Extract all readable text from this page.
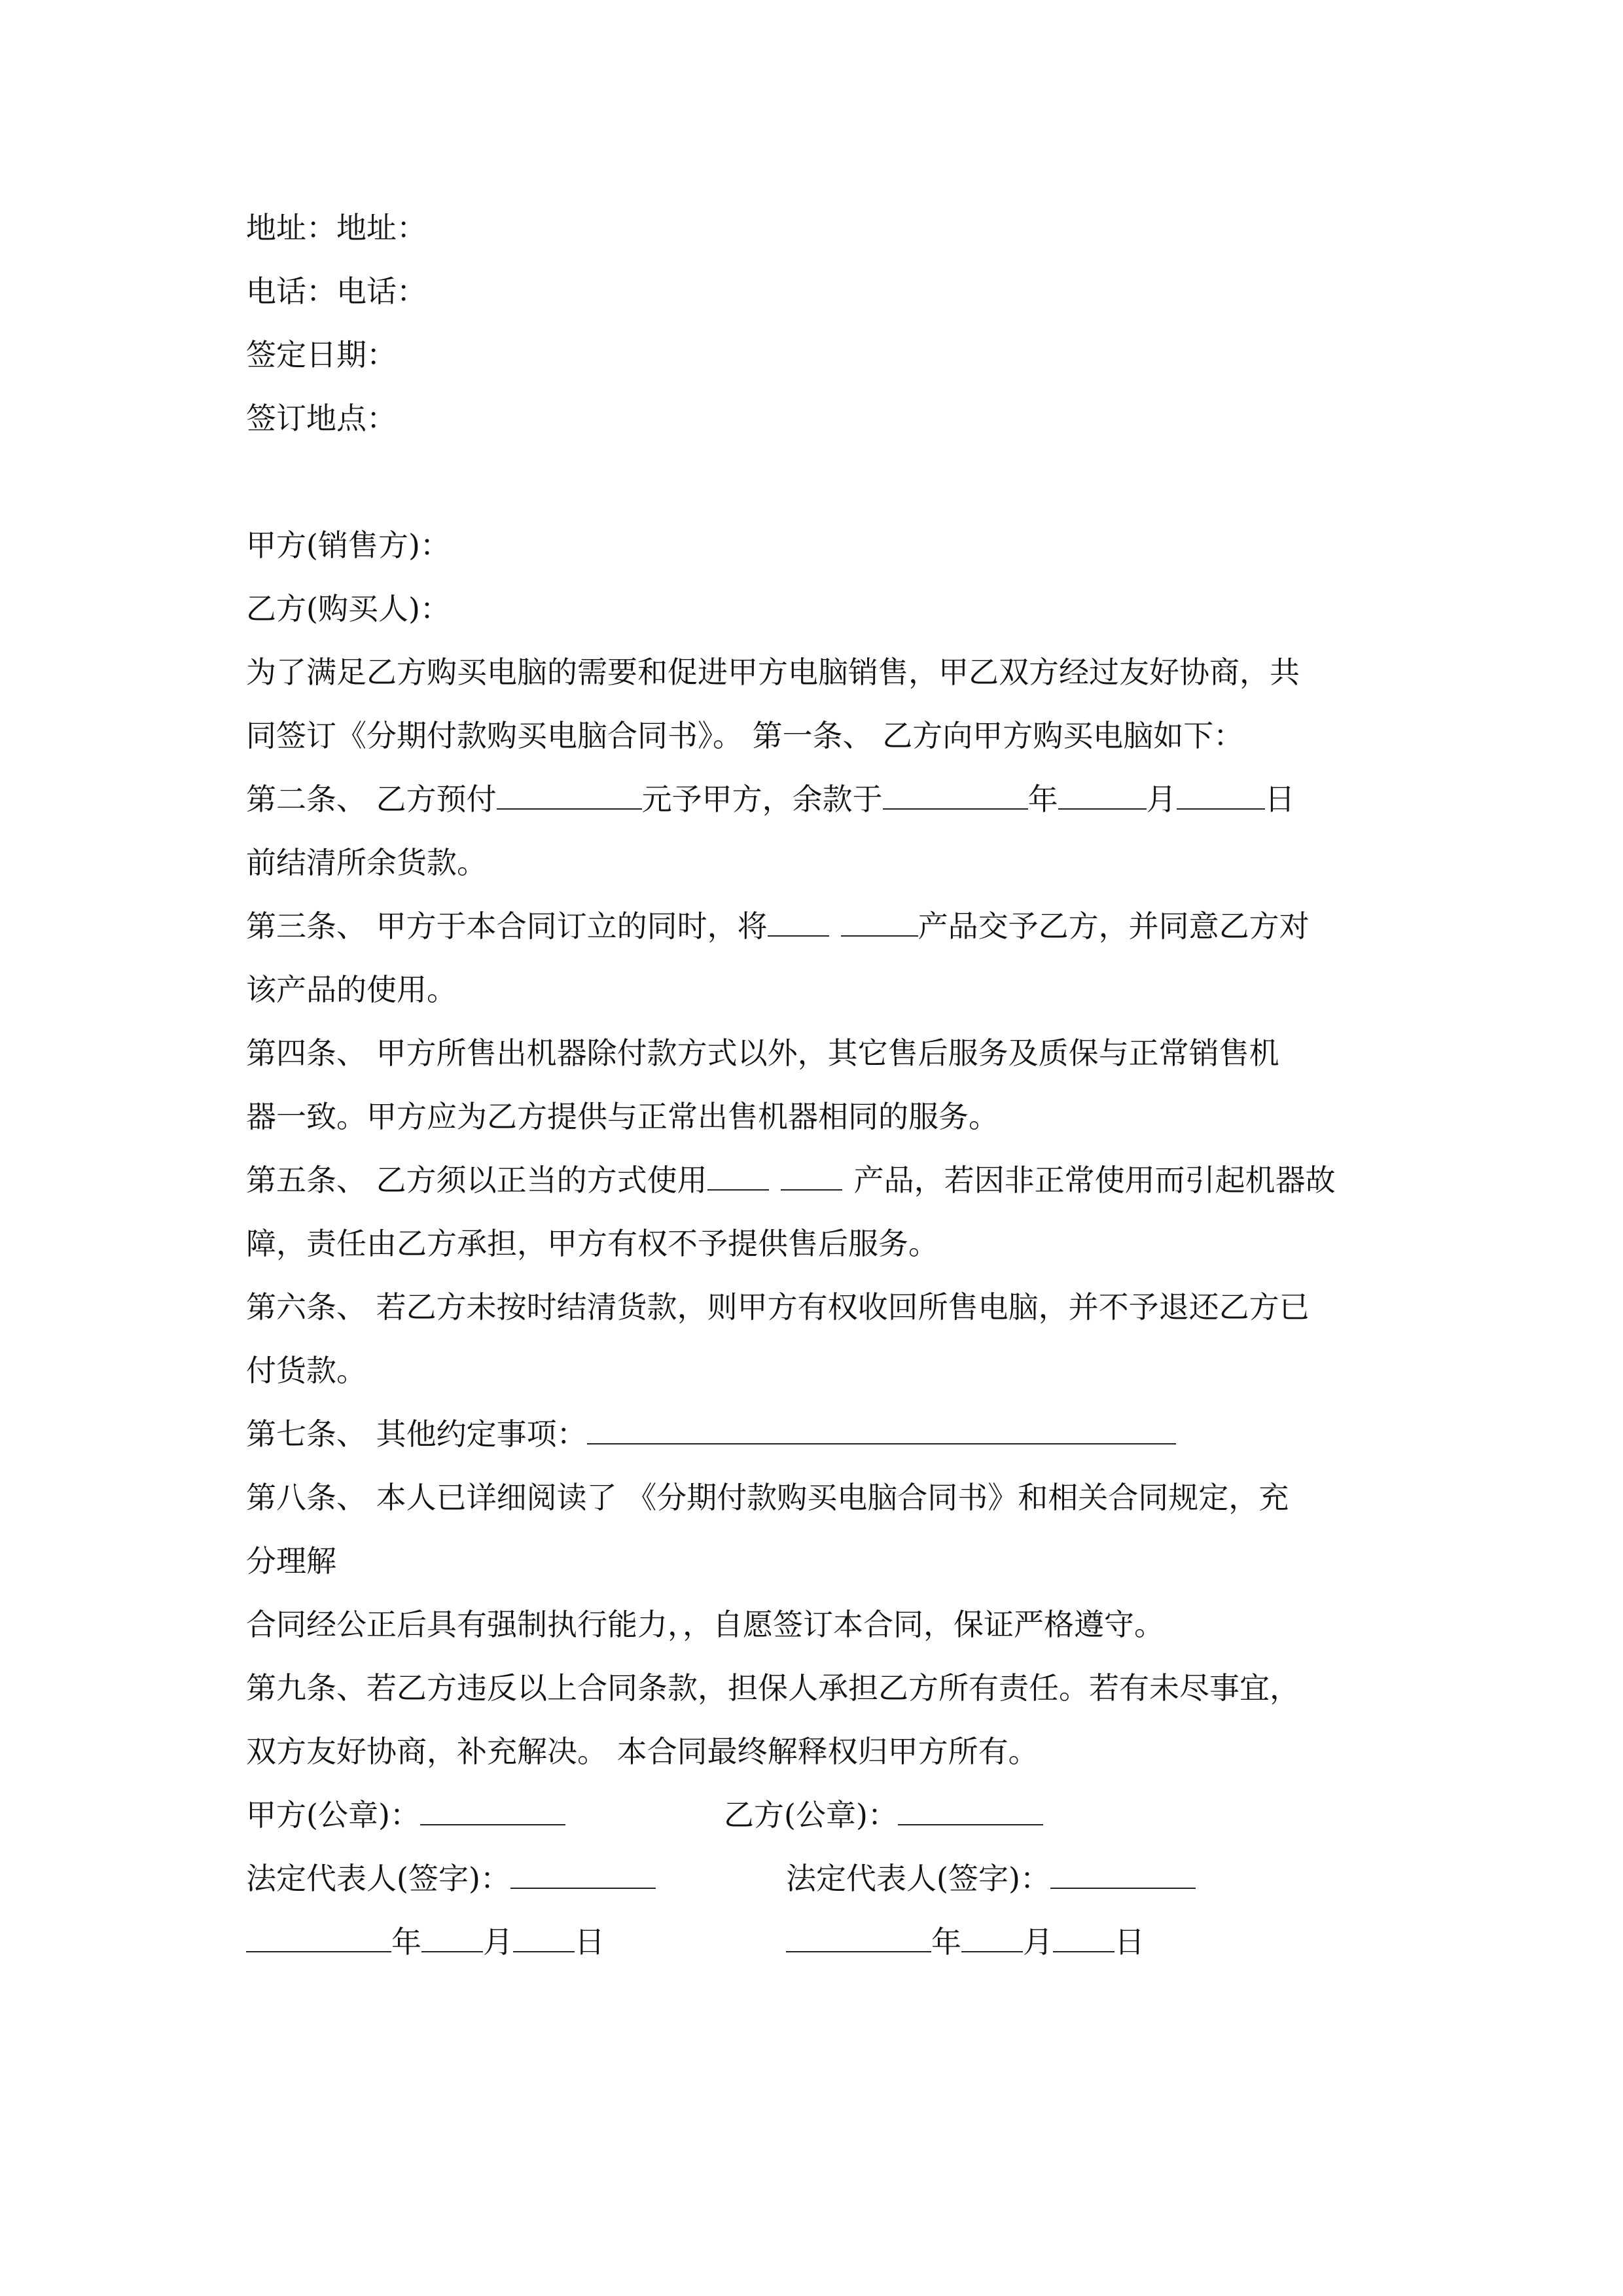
地址：地址：

电话：电话：

签定日期：

签订地点：

甲方(销售方)：

乙方(购买人)：

为了满足乙方购买电脑的需要和促进甲方电脑销售，甲乙双方经过友好协商，共

同签订《分期付款购买电脑合同书》。 第一条、 乙方向甲方购买电脑如下：

第二条、 乙方预付	元予甲方，余款于	年	月	日

前结清所余货款。

第三条、 甲方于本合同订立的同时，将	产品交予乙方，并同意乙方对

该产品的使用。

第四条、 甲方所售出机器除付款方式以外，其它售后服务及质保与正常销售机

器一致。甲方应为乙方提供与正常出售机器相同的服务。

第五条、 乙方须以正当的方式使用	产品，若因非正常使用而引起机器故

障，责任由乙方承担，甲方有权不予提供售后服务。

第六条、 若乙方未按时结清货款，则甲方有权收回所售电脑，并不予退还乙方已

付货款。

第七条、 其他约定事项：

第八条、 本人已详细阅读了 《分期付款购买电脑合同书》和相关合同规定，充

分理解

合同经公正后具有强制执行能力，，自愿签订本合同，保证严格遵守。

第九条、若乙方违反以上合同条款，担保人承担乙方所有责任。若有未尽事宜，

双方友好协商，补充解决。 本合同最终解释权归甲方所有。

甲方(公章)：	乙方(公章)：
法定代表人(签字)：	法定代表人(签字)：
年 月 日	年 月 日
